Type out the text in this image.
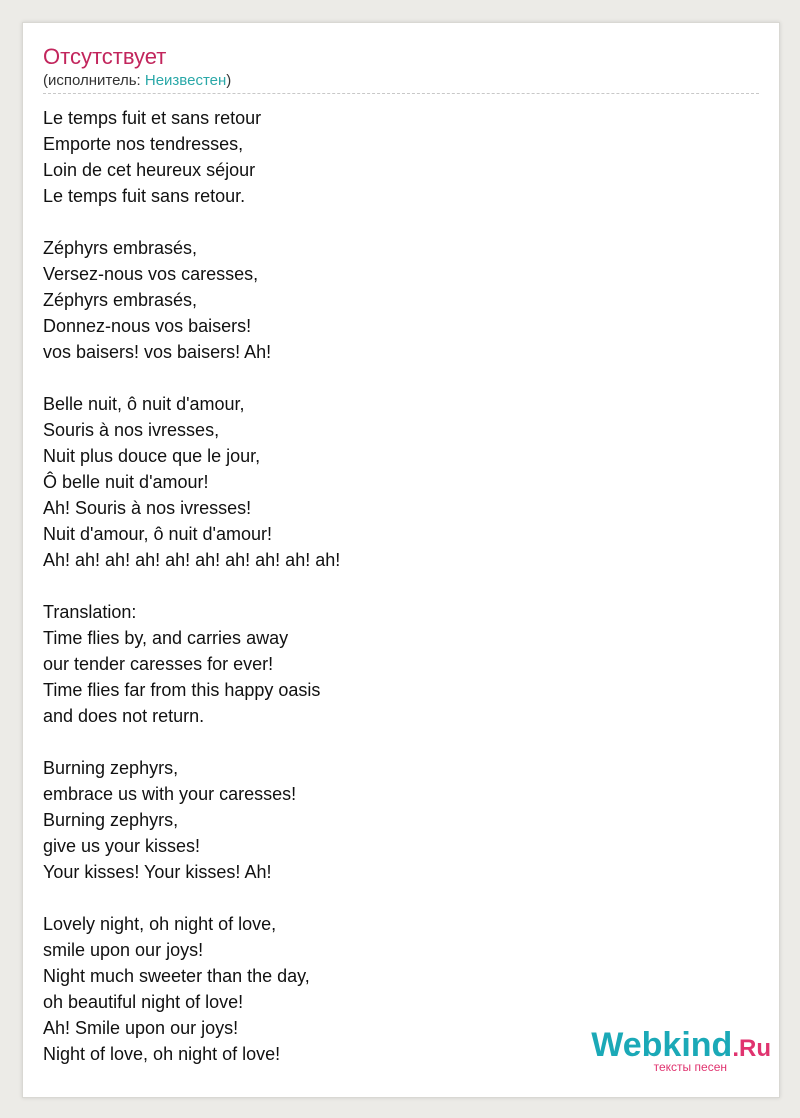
Отсутствует
(исполнитель: Неизвестен)
Le temps fuit et sans retour
Emporte nos tendresses,
Loin de cet heureux séjour
Le temps fuit sans retour.
Zéphyrs embrasés,
Versez-nous vos caresses,
Zéphyrs embrasés,
Donnez-nous vos baisers!
vos baisers! vos baisers! Ah!
Belle nuit, ô nuit d'amour,
Souris à nos ivresses,
Nuit plus douce que le jour,
Ô belle nuit d'amour!
Ah! Souris à nos ivresses!
Nuit d'amour, ô nuit d'amour!
Ah! ah! ah! ah! ah! ah! ah! ah! ah! ah!
Translation:
Time flies by, and carries away
our tender caresses for ever!
Time flies far from this happy oasis
and does not return.
Burning zephyrs,
embrace us with your caresses!
Burning zephyrs,
give us your kisses!
Your kisses! Your kisses! Ah!
Lovely night, oh night of love,
smile upon our joys!
Night much sweeter than the day,
oh beautiful night of love!
Ah! Smile upon our joys!
Night of love, oh night of love!	Webkind.Ru
тексты песен
